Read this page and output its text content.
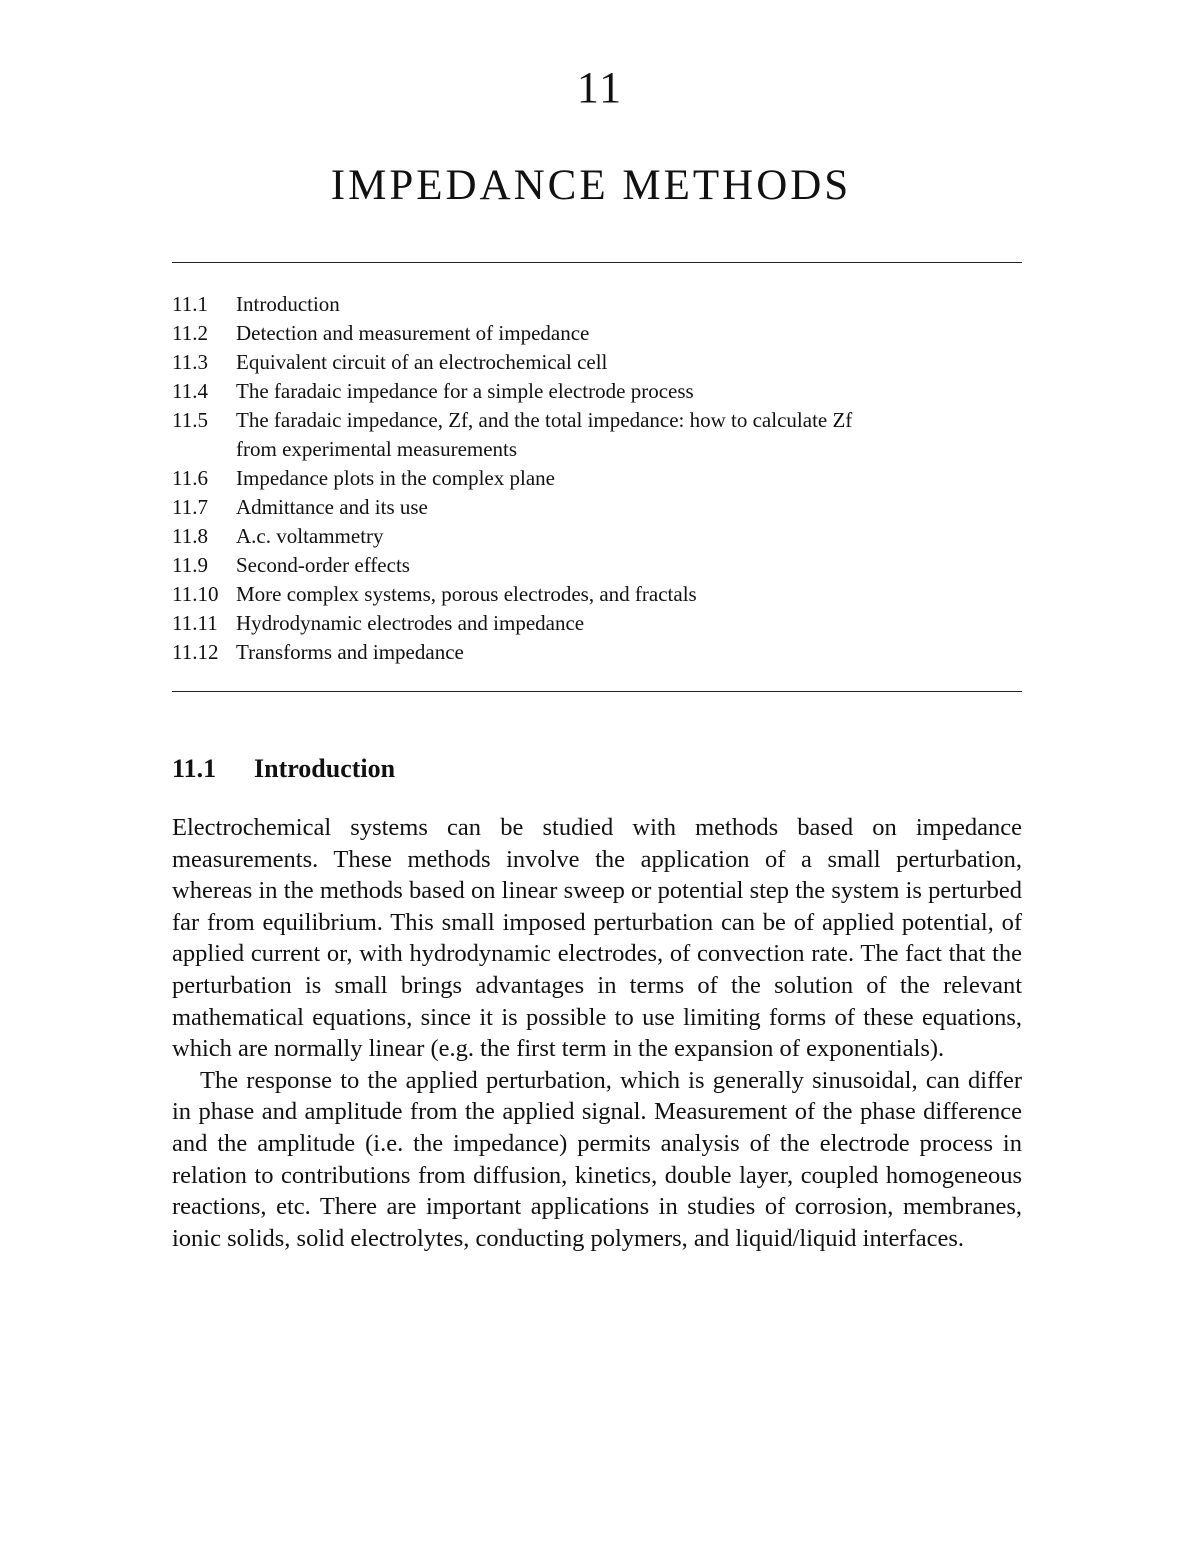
11
IMPEDANCE METHODS
11.1 Introduction
11.2 Detection and measurement of impedance
11.3 Equivalent circuit of an electrochemical cell
11.4 The faradaic impedance for a simple electrode process
11.5 The faradaic impedance, Zf, and the total impedance: how to calculate Zf
from experimental measurements
11.6 Impedance plots in the complex plane
11.7 Admittance and its use
11.8 A.c. voltammetry
11.9 Second-order effects
11.10 More complex systems, porous electrodes, and fractals
11.11 Hydrodynamic electrodes and impedance
11.12 Transforms and impedance
11.1 Introduction

Electrochemical systems can be studied with methods based on impedance measurements. These methods involve the application of a small perturbation, whereas in the methods based on linear sweep or potential step the system is perturbed far from equilibrium. This small imposed perturbation can be of applied potential, of applied current or, with hydrodynamic electrodes, of convection rate. The fact that the perturbation is small brings advantages in terms of the solution of the relevant mathematical equations, since it is possible to use limiting forms of these equations, which are normally linear (e.g. the first term in the expansion of exponentials).

The response to the applied perturbation, which is generally sinusoidal, can differ in phase and amplitude from the applied signal. Measurement of the phase difference and the amplitude (i.e. the impedance) permits analysis of the electrode process in relation to contributions from diffusion, kinetics, double layer, coupled homogeneous reactions, etc. There are important applications in studies of corrosion, membranes, ionic solids, solid electrolytes, conducting polymers, and liquid/liquid interfaces.
